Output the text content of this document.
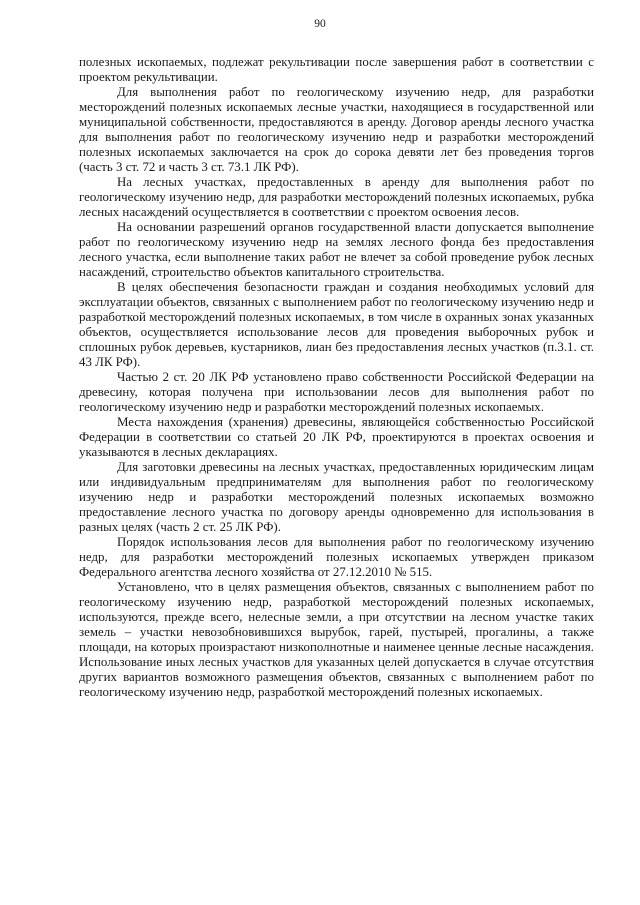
90

полезных ископаемых, подлежат рекультивации после завершения работ в соответствии с проектом рекультивации.

Для выполнения работ по геологическому изучению недр, для разработки месторождений полезных ископаемых лесные участки, находящиеся в государственной или муниципальной собственности, предоставляются в аренду. Договор аренды лесного участка для выполнения работ по геологическому изучению недр и разработки месторождений полезных ископаемых заключается на срок до сорока девяти лет без проведения торгов (часть 3 ст. 72 и часть 3 ст. 73.1 ЛК РФ).

На лесных участках, предоставленных в аренду для выполнения работ по геологическому изучению недр, для разработки месторождений полезных ископаемых, рубка лесных насаждений осуществляется в соответствии с проектом освоения лесов.

На основании разрешений органов государственной власти допускается выполнение работ по геологическому изучению недр на землях лесного фонда без предоставления лесного участка, если выполнение таких работ не влечет за собой проведение рубок лесных насаждений, строительство объектов капитального строительства.

В целях обеспечения безопасности граждан и создания необходимых условий для эксплуатации объектов, связанных с выполнением работ по геологическому изучению недр и разработкой месторождений полезных ископаемых, в том числе в охранных зонах указанных объектов, осуществляется использование лесов для проведения выборочных рубок и сплошных рубок деревьев, кустарников, лиан без предоставления лесных участков (п.3.1. ст. 43 ЛК РФ).

Частью 2 ст. 20 ЛК РФ установлено право собственности Российской Федерации на древесину, которая получена при использовании лесов для выполнения работ по геологическому изучению недр и разработки месторождений полезных ископаемых.

Места нахождения (хранения) древесины, являющейся собственностью Российской Федерации в соответствии со статьей 20 ЛК РФ, проектируются в проектах освоения и указываются в лесных декларациях.

Для заготовки древесины на лесных участках, предоставленных юридическим лицам или индивидуальным предпринимателям для выполнения работ по геологическому изучению недр и разработки месторождений полезных ископаемых возможно предоставление лесного участка по договору аренды одновременно для использования в разных целях (часть 2 ст. 25 ЛК РФ).

Порядок использования лесов для выполнения работ по геологическому изучению недр, для разработки месторождений полезных ископаемых утвержден приказом Федерального агентства лесного хозяйства от 27.12.2010 № 515.

Установлено, что в целях размещения объектов, связанных с выполнением работ по геологическому изучению недр, разработкой месторождений полезных ископаемых, используются, прежде всего, нелесные земли, а при отсутствии на лесном участке таких земель – участки невозобновившихся вырубок, гарей, пустырей, прогалины, а также площади, на которых произрастают низкополнотные и наименее ценные лесные насаждения. Использование иных лесных участков для указанных целей допускается в случае отсутствия других вариантов возможного размещения объектов, связанных с выполнением работ по геологическому изучению недр, разработкой месторождений полезных ископаемых.
